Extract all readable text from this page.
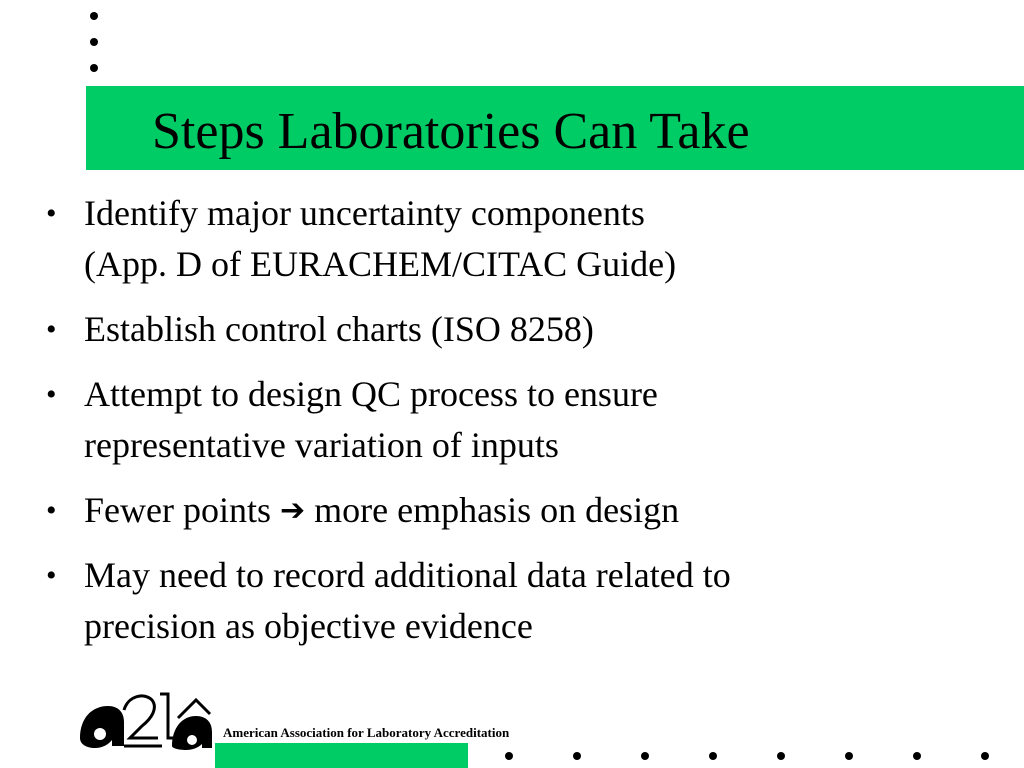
Steps Laboratories Can Take
• Identify major uncertainty components
(App. D of EURACHEM/CITAC Guide)
• Establish control charts (ISO 8258)
• Attempt to design QC process to ensure
representative variation of inputs
• Fewer points ➔ more emphasis on design
• May need to record additional data related to
precision as objective evidence
American Association for Laboratory Accreditation
